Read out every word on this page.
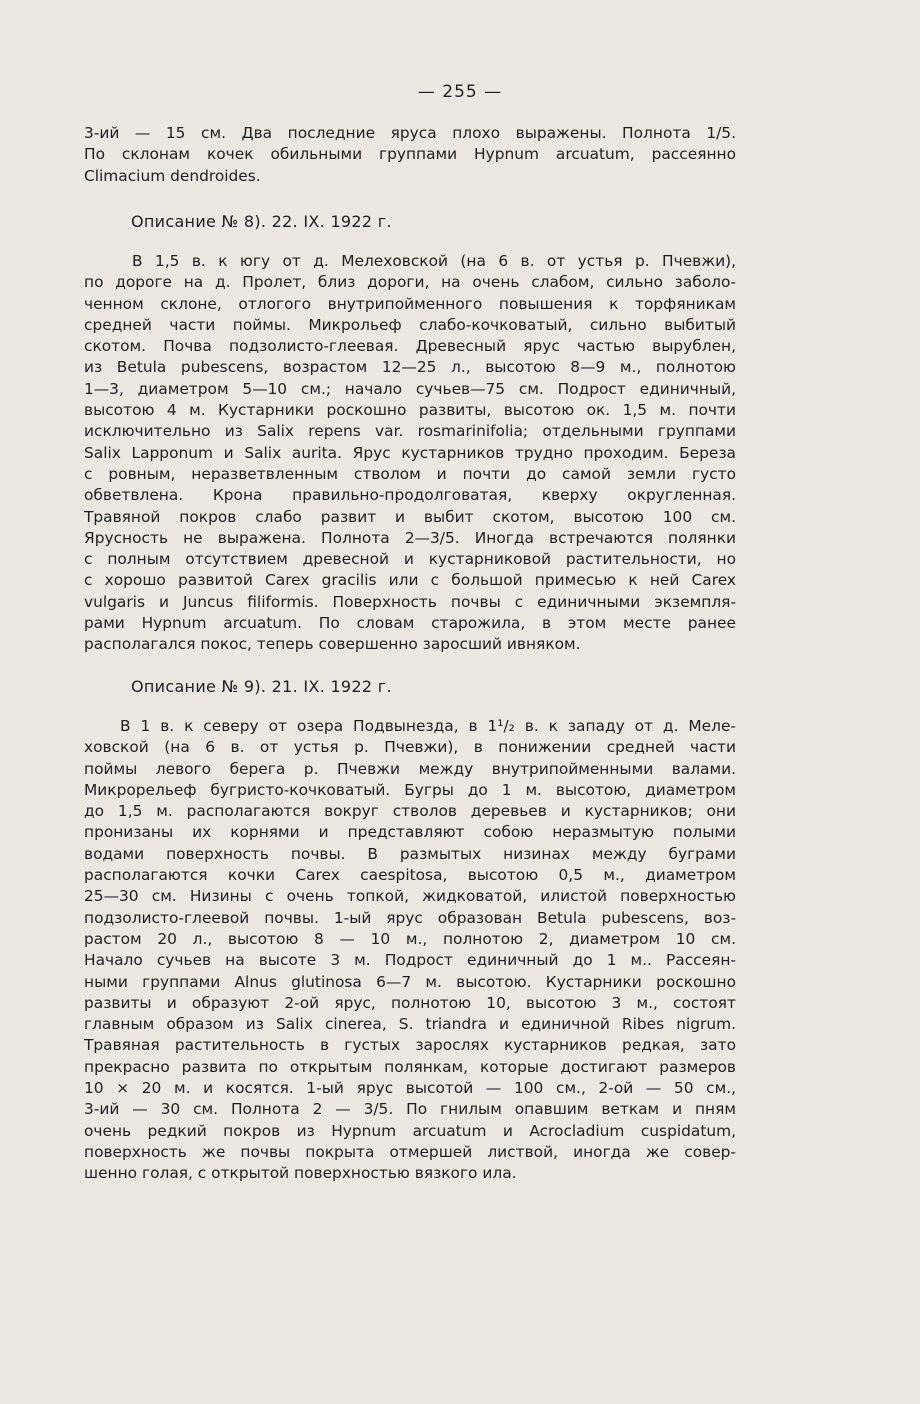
— 255 —
3-ий — 15 см. Два последние яруса плохо выражены. Полнота 1/5.
По склонам кочек обильными группами Hypnum arcuatum, рассеянно
Climacium dendroides.
Описание № 8). 22. IX. 1922 г.
В 1,5 в. к югу от д. Мелеховской (на 6 в. от устья р. Пчевжи),
по дороге на д. Пролет, близ дороги, на очень слабом, сильно заболо-
ченном склоне, отлогого внутрипойменного повышения к торфяникам
средней части поймы. Микрольеф слабо-кочковатый, сильно выбитый
скотом. Почва подзолисто-глеевая. Древесный ярус частью вырублен,
из Betula pubescens, возрастом 12—25 л., высотою 8—9 м., полнотою
1—3, диаметром 5—10 см.; начало сучьев—75 см. Подрост единичный,
высотою 4 м. Кустарники роскошно развиты, высотою ок. 1,5 м. почти
исключительно из Salix repens var. rosmarinifolia; отдельными группами
Salix Lapponum и Salix aurita. Ярус кустарников трудно проходим. Береза
с ровным, неразветвленным стволом и почти до самой земли густо
обветвлена. Крона правильно-продолговатая, кверху округленная.
Травяной покров слабо развит и выбит скотом, высотою 100 см.
Ярусность не выражена. Полнота 2—3/5. Иногда встречаются полянки
с полным отсутствием древесной и кустарниковой растительности, но
с хорошо развитой Carex gracilis или с большой примесью к ней Carex
vulgaris и Juncus filiformis. Поверхность почвы с единичными экземпля-
рами Hypnum arcuatum. По словам старожила, в этом месте ранее
располагался покос, теперь совершенно заросший ивняком.
Описание № 9). 21. IX. 1922 г.
В 1 в. к северу от озера Подвынезда, в 1¹/₂ в. к западу от д. Меле-
ховской (на 6 в. от устья р. Пчевжи), в понижении средней части
поймы левого берега р. Пчевжи между внутрипойменными валами.
Микрорельеф бугристо-кочковатый. Бугры до 1 м. высотою, диаметром
до 1,5 м. располагаются вокруг стволов деревьев и кустарников; они
пронизаны их корнями и представляют собою неразмытую полыми
водами поверхность почвы. В размытых низинах между буграми
располагаются кочки Carex caespitosa, высотою 0,5 м., диаметром
25—30 см. Низины с очень топкой, жидковатой, илистой поверхностью
подзолисто-глеевой почвы. 1-ый ярус образован Betula pubescens, воз-
растом 20 л., высотою 8 — 10 м., полнотою 2, диаметром 10 см.
Начало сучьев на высоте 3 м. Подрост единичный до 1 м.. Рассеян-
ными группами Alnus glutinosa 6—7 м. высотою. Кустарники роскошно
развиты и образуют 2-ой ярус, полнотою 10, высотою 3 м., состоят
главным образом из Salix cinerea, S. triandra и единичной Ribes nigrum.
Травяная растительность в густых зарослях кустарников редкая, зато
прекрасно развита по открытым полянкам, которые достигают размеров
10 × 20 м. и косятся. 1-ый ярус высотой — 100 см., 2-ой — 50 см.,
3-ий — 30 см. Полнота 2 — 3/5. По гнилым опавшим веткам и пням
очень редкий покров из Hypnum arcuatum и Acrocladium cuspidatum,
поверхность же почвы покрыта отмершей листвой, иногда же совер-
шенно голая, с открытой поверхностью вязкого ила.
